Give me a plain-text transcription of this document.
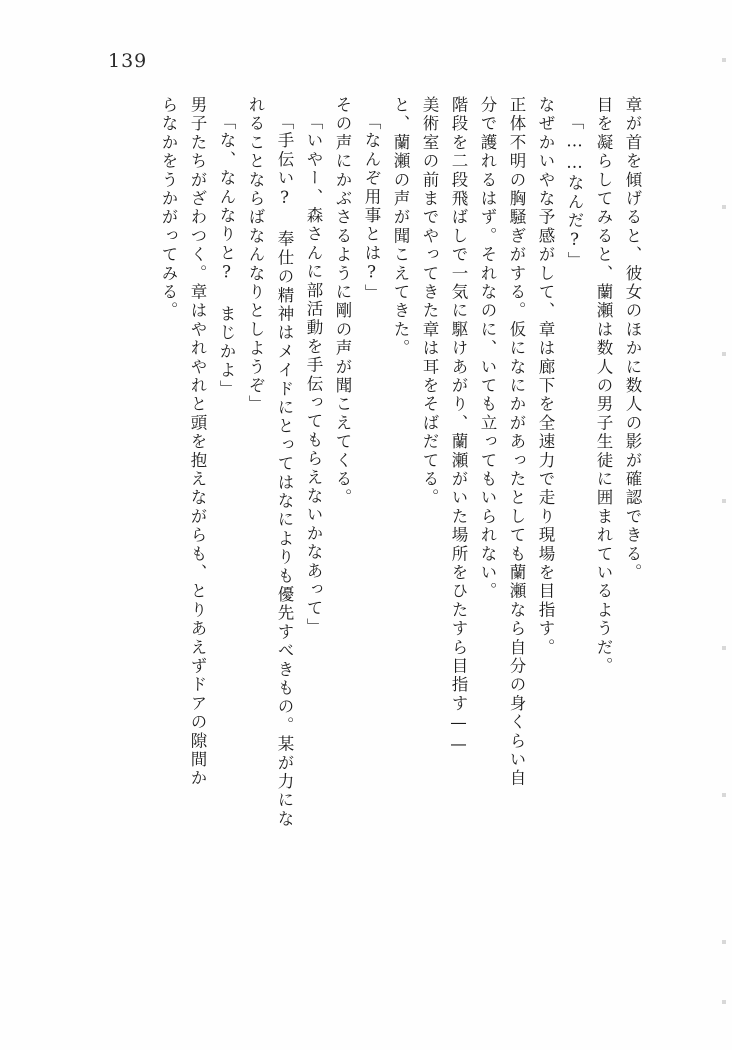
139
章が首を傾げると、彼女のほかに数人の影が確認できる。
目を凝らしてみると、蘭瀬は数人の男子生徒に囲まれているようだ。
「……なんだ?」
なぜかいやな予感がして、章は廊下を全速力で走り現場を目指す。
正体不明の胸騒ぎがする。仮になにかがあったとしても蘭瀬なら自分の身くらい自
分で護れるはず。それなのに、いても立ってもいられない。
階段を二段飛ばしで一気に駆けあがり、蘭瀬がいた場所をひたすら目指す——
美術室の前までやってきた章は耳をそばだてる。
と、蘭瀬の声が聞こえてきた。
「なんぞ用事とは?」
その声にかぶさるように剛の声が聞こえてくる。
「いやー、森さんに部活動を手伝ってもらえないかなあって」
「手伝い? 奉仕の精神はメイドにとってはなによりも優先すべきもの。某が力にな
れることならばなんなりとしようぞ」
「な、なんなりと? まじかよ」
男子たちがざわつく。章はやれやれと頭を抱えながらも、とりあえずドアの隙間か
らなかをうかがってみる。
